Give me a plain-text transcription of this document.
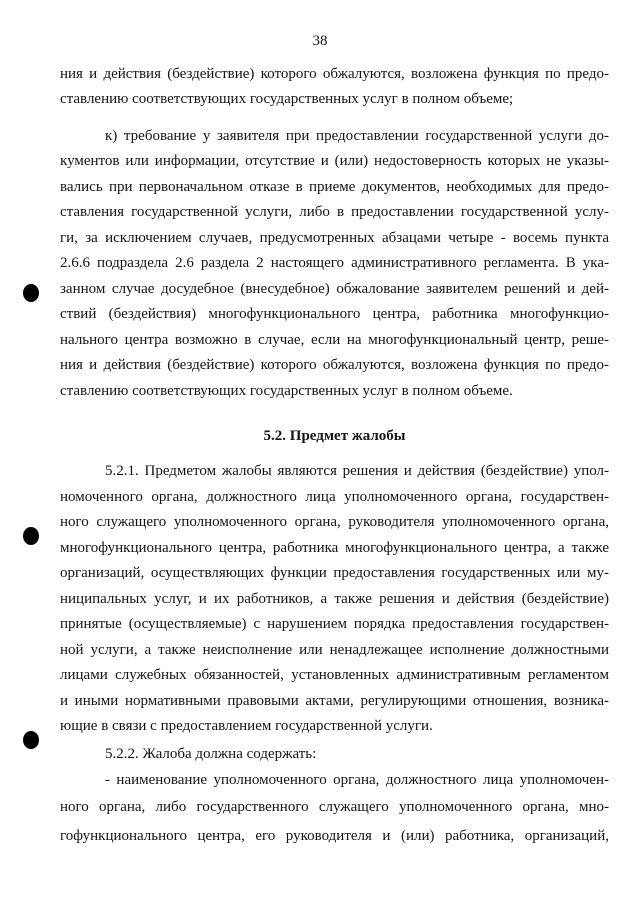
38
ния и действия (бездействие) которого обжалуются, возложена функция по предо-
ставлению соответствующих государственных услуг в полном объеме;
к) требование у заявителя при предоставлении государственной услуги до-
кументов или информации, отсутствие и (или) недостоверность которых не указы-
вались при первоначальном отказе в приеме документов, необходимых для предо-
ставления государственной услуги, либо в предоставлении государственной услу-
ги, за исключением случаев, предусмотренных абзацами четыре - восемь пункта
2.6.6 подраздела 2.6 раздела 2 настоящего административного регламента. В ука-
занном случае досудебное (внесудебное) обжалование заявителем решений и дей-
ствий (бездействия) многофункционального центра, работника многофункцио-
нального центра возможно в случае, если на многофункциональный центр, реше-
ния и действия (бездействие) которого обжалуются, возложена функция по предо-
ставлению соответствующих государственных услуг в полном объеме.
5.2. Предмет жалобы
5.2.1. Предметом жалобы являются решения и действия (бездействие) упол-
номоченного органа, должностного лица уполномоченного органа, государствен-
ного служащего уполномоченного органа, руководителя уполномоченного органа,
многофункционального центра, работника многофункционального центра, а также
организаций, осуществляющих функции предоставления государственных или му-
ниципальных услуг, и их работников, а также решения и действия (бездействие)
принятые (осуществляемые) с нарушением порядка предоставления государствен-
ной услуги, а также неисполнение или ненадлежащее исполнение должностными
лицами служебных обязанностей, установленных административным регламентом
и иными нормативными правовыми актами, регулирующими отношения, возника-
ющие в связи с предоставлением государственной услуги.
5.2.2. Жалоба должна содержать:
- наименование уполномоченного органа, должностного лица уполномочен-
ного органа, либо государственного служащего уполномоченного органа, мно-
гофункционального центра, его руководителя и (или) работника, организаций,
